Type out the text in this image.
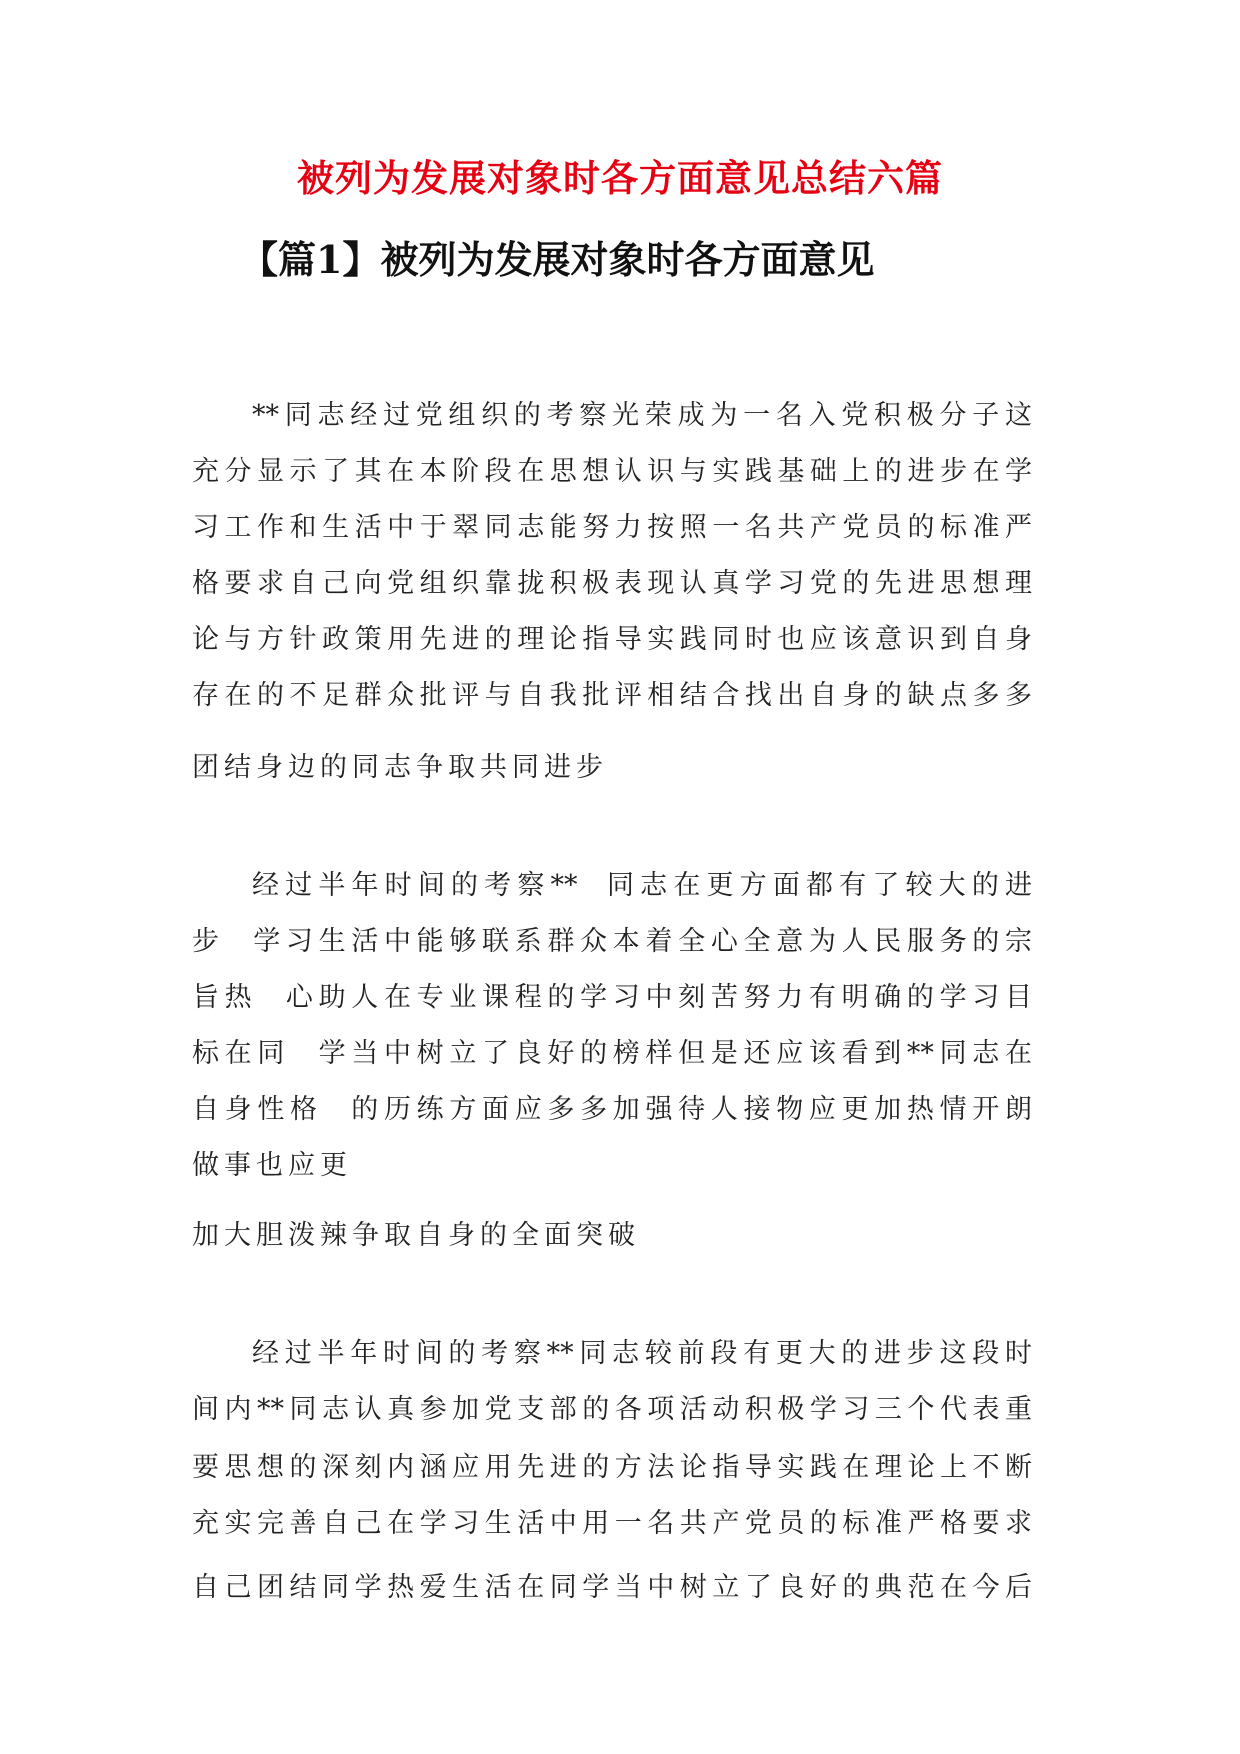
被列为发展对象时各方面意见总结六篇
【篇1】被列为发展对象时各方面意见
**同志经过党组织的考察光荣成为一名入党积极分子这
充分显示了其在本阶段在思想认识与实践基础上的进步在学
习工作和生活中于翠同志能努力按照一名共产党员的标准严
格要求自己向党组织靠拢积极表现认真学习党的先进思想理
论与方针政策用先进的理论指导实践同时也应该意识到自身
存在的不足群众批评与自我批评相结合找出自身的缺点多多
团结身边的同志争取共同进步
经过半年时间的考察**  同志在更方面都有了较大的进
步  学习生活中能够联系群众本着全心全意为人民服务的宗
旨热  心助人在专业课程的学习中刻苦努力有明确的学习目
标在同  学当中树立了良好的榜样但是还应该看到**同志在
自身性格  的历练方面应多多加强待人接物应更加热情开朗
做事也应更
加大胆泼辣争取自身的全面突破
经过半年时间的考察**同志较前段有更大的进步这段时
间内**同志认真参加党支部的各项活动积极学习三个代表重
要思想的深刻内涵应用先进的方法论指导实践在理论上不断
充实完善自己在学习生活中用一名共产党员的标准严格要求
自己团结同学热爱生活在同学当中树立了良好的典范在今后
